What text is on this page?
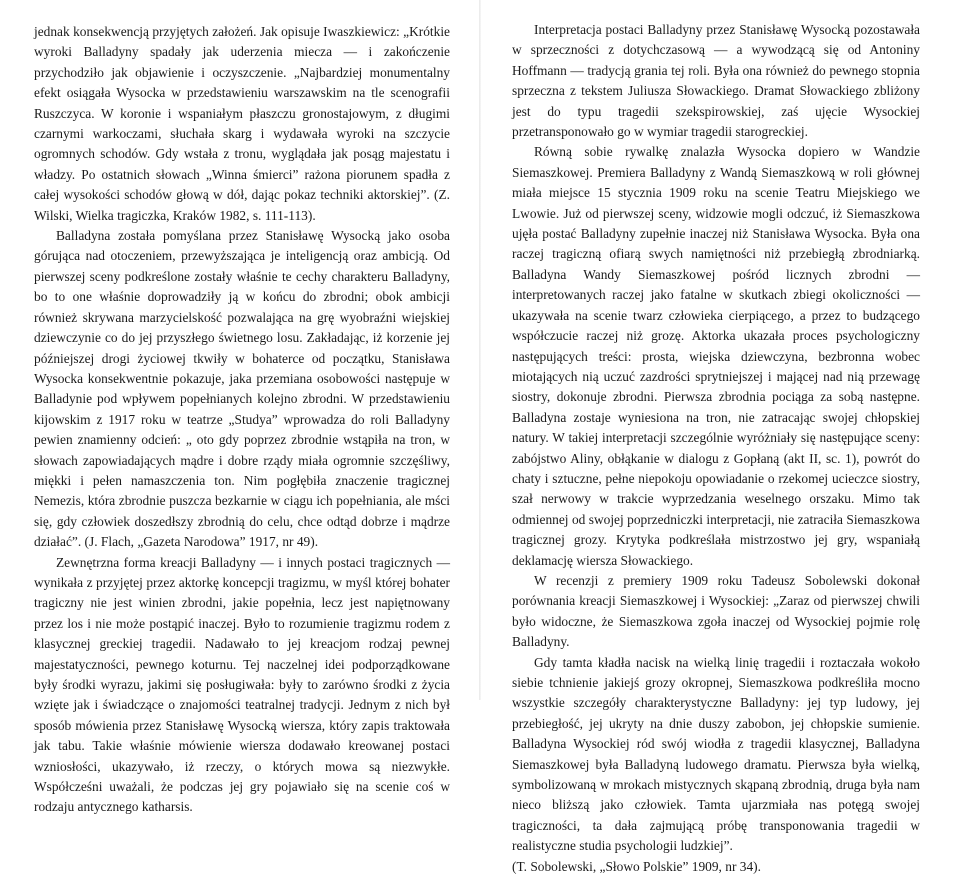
jednak konsekwencją przyjętych założeń. Jak opisuje Iwaszkiewicz: „Krótkie wyroki Balladyny spadały jak uderzenia miecza — i zakończenie przychodziło jak objawienie i oczyszczenie. „Najbardziej monumentalny efekt osiągała Wysocka w przedstawieniu warszawskim na tle scenografii Ruszczyca. W koronie i wspaniałym płaszczu gronostajowym, z długimi czarnymi warkoczami, słuchała skarg i wydawała wyroki na szczycie ogromnych schodów. Gdy wstała z tronu, wyglądała jak posąg majestatu i władzy. Po ostatnich słowach „Winna śmierci” rażona piorunem spadła z całej wysokości schodów głową w dół, dając pokaz techniki aktorskiej”. (Z. Wilski, Wielka tragiczka, Kraków 1982, s. 111-113).

Balladyna została pomyślana przez Stanisławę Wysocką jako osoba górująca nad otoczeniem, przewyższająca je inteligencją oraz ambicją. Od pierwszej sceny podkreślone zostały właśnie te cechy charakteru Balladyny, bo to one właśnie doprowadziły ją w końcu do zbrodni; obok ambicji również skrywana marzycielskość pozwalająca na grę wyobraźni wiejskiej dziewczynie co do jej przyszłego świetnego losu. Zakładając, iż korzenie jej późniejszej drogi życiowej tkwiły w bohaterce od początku, Stanisława Wysocka konsekwentnie pokazuje, jaka przemiana osobowości następuje w Balladynie pod wpływem popełnianych kolejno zbrodni. W przedstawieniu kijowskim z 1917 roku w teatrze „Studya” wprowadza do roli Balladyny pewien znamienny odcień: „ oto gdy poprzez zbrodnie wstąpiła na tron, w słowach zapowiadających mądre i dobre rządy miała ogromnie szczęśliwy, miękki i pełen namaszczenia ton. Nim pogłębiła znaczenie tragicznej Nemezis, która zbrodnie puszcza bezkarnie w ciągu ich popełniania, ale mści się, gdy człowiek doszedłszy zbrodnią do celu, chce odtąd dobrze i mądrze działać”. (J. Flach, „Gazeta Narodowa” 1917, nr 49).

Zewnętrzna forma kreacji Balladyny — i innych postaci tragicznych — wynikała z przyjętej przez aktorkę koncepcji tragizmu, w myśl której bohater tragiczny nie jest winien zbrodni, jakie popełnia, lecz jest napiętnowany przez los i nie może postąpić inaczej. Było to rozumienie tragizmu rodem z klasycznej greckiej tragedii. Nadawało to jej kreacjom rodzaj pewnej majestatyczności, pewnego koturnu. Tej naczelnej idei podporządkowane były środki wyrazu, jakimi się posługiwała: były to zarówno środki z życia wzięte jak i świadczące o znajomości teatralnej tradycji. Jednym z nich był sposób mówienia przez Stanisławę Wysocką wiersza, który zapis traktowała jak tabu. Takie właśnie mówienie wiersza dodawało kreowanej postaci wzniosłości, ukazywało, iż rzeczy, o których mowa są niezwykłe. Współcześni uważali, że podczas jej gry pojawiało się na scenie coś w rodzaju antycznego katharsis.

Interpretacja postaci Balladyny przez Stanisławę Wysocką pozostawała w sprzeczności z dotychczasową — a wywodzącą się od Antoniny Hoffmann — tradycją grania tej roli. Była ona również do pewnego stopnia sprzeczna z tekstem Juliusza Słowackiego. Dramat Słowackiego zbliżony jest do typu tragedii szekspirowskiej, zaś ujęcie Wysockiej przetransponowało go w wymiar tragedii starogreckiej.

Równą sobie rywalkę znalazła Wysocka dopiero w Wandzie Siemaszkowej. Premiera Balladyny z Wandą Siemaszkową w roli głównej miała miejsce 15 stycznia 1909 roku na scenie Teatru Miejskiego we Lwowie. Już od pierwszej sceny, widzowie mogli odczuć, iż Siemaszkowa ujęła postać Balladyny zupełnie inaczej niż Stanisława Wysocka. Była ona raczej tragiczną ofiarą swych namiętności niż przebiegłą zbrodniarką. Balladyna Wandy Siemaszkowej pośród licznych zbrodni — interpretowanych raczej jako fatalne w skutkach zbiegi okoliczności — ukazywała na scenie twarz człowieka cierpiącego, a przez to budzącego współczucie raczej niż grozę. Aktorka ukazała proces psychologiczny następujących treści: prosta, wiejska dziewczyna, bezbronna wobec miotających nią uczuć zazdrości sprytniejszej i mającej nad nią przewagę siostry, dokonuje zbrodni. Pierwsza zbrodnia pociąga za sobą następne. Balladyna zostaje wyniesiona na tron, nie zatracając swojej chłopskiej natury. W takiej interpretacji szczególnie wyróżniały się następujące sceny: zabójstwo Aliny, obłąkanie w dialogu z Gopłaną (akt II, sc. 1), powrót do chaty i sztuczne, pełne niepokoju opowiadanie o rzekomej ucieczce siostry, szał nerwowy w trakcie wyprzedzania weselnego orszaku. Mimo tak odmiennej od swojej poprzedniczki interpretacji, nie zatraciła Siemaszkowa tragicznej grozy. Krytyka podkreślała mistrzostwo jej gry, wspaniałą deklamację wiersza Słowackiego.

W recenzji z premiery 1909 roku Tadeusz Sobolewski dokonał porównania kreacji Siemaszkowej i Wysockiej: „Zaraz od pierwszej chwili było widoczne, że Siemaszkowa zgoła inaczej od Wysockiej pojmie rolę Balladyny.

Gdy tamta kładła nacisk na wielką linię tragedii i roztaczała wokoło siebie tchnienie jakiejś grozy okropnej, Siemaszkowa podkreśliła mocno wszystkie szczegóły charakterystyczne Balladyny: jej typ ludowy, jej przebiegłość, jej ukryty na dnie duszy zabobon, jej chłopskie sumienie. Balladyna Wysockiej ród swój wiodła z tragedii klasycznej, Balladyna Siemaszkowej była Balladyną ludowego dramatu. Pierwsza była wielką, symbolizowaną w mrokach mistycznych skąpaną zbrodnią, druga była nam nieco bliższą jako człowiek. Tamta ujarzmiała nas potęgą swojej tragiczności, ta dała zajmującą próbę transponowania tragedii w realistyczne studia psychologii ludzkiej”.

(T. Sobolewski, „Słowo Polskie” 1909, nr 34).
